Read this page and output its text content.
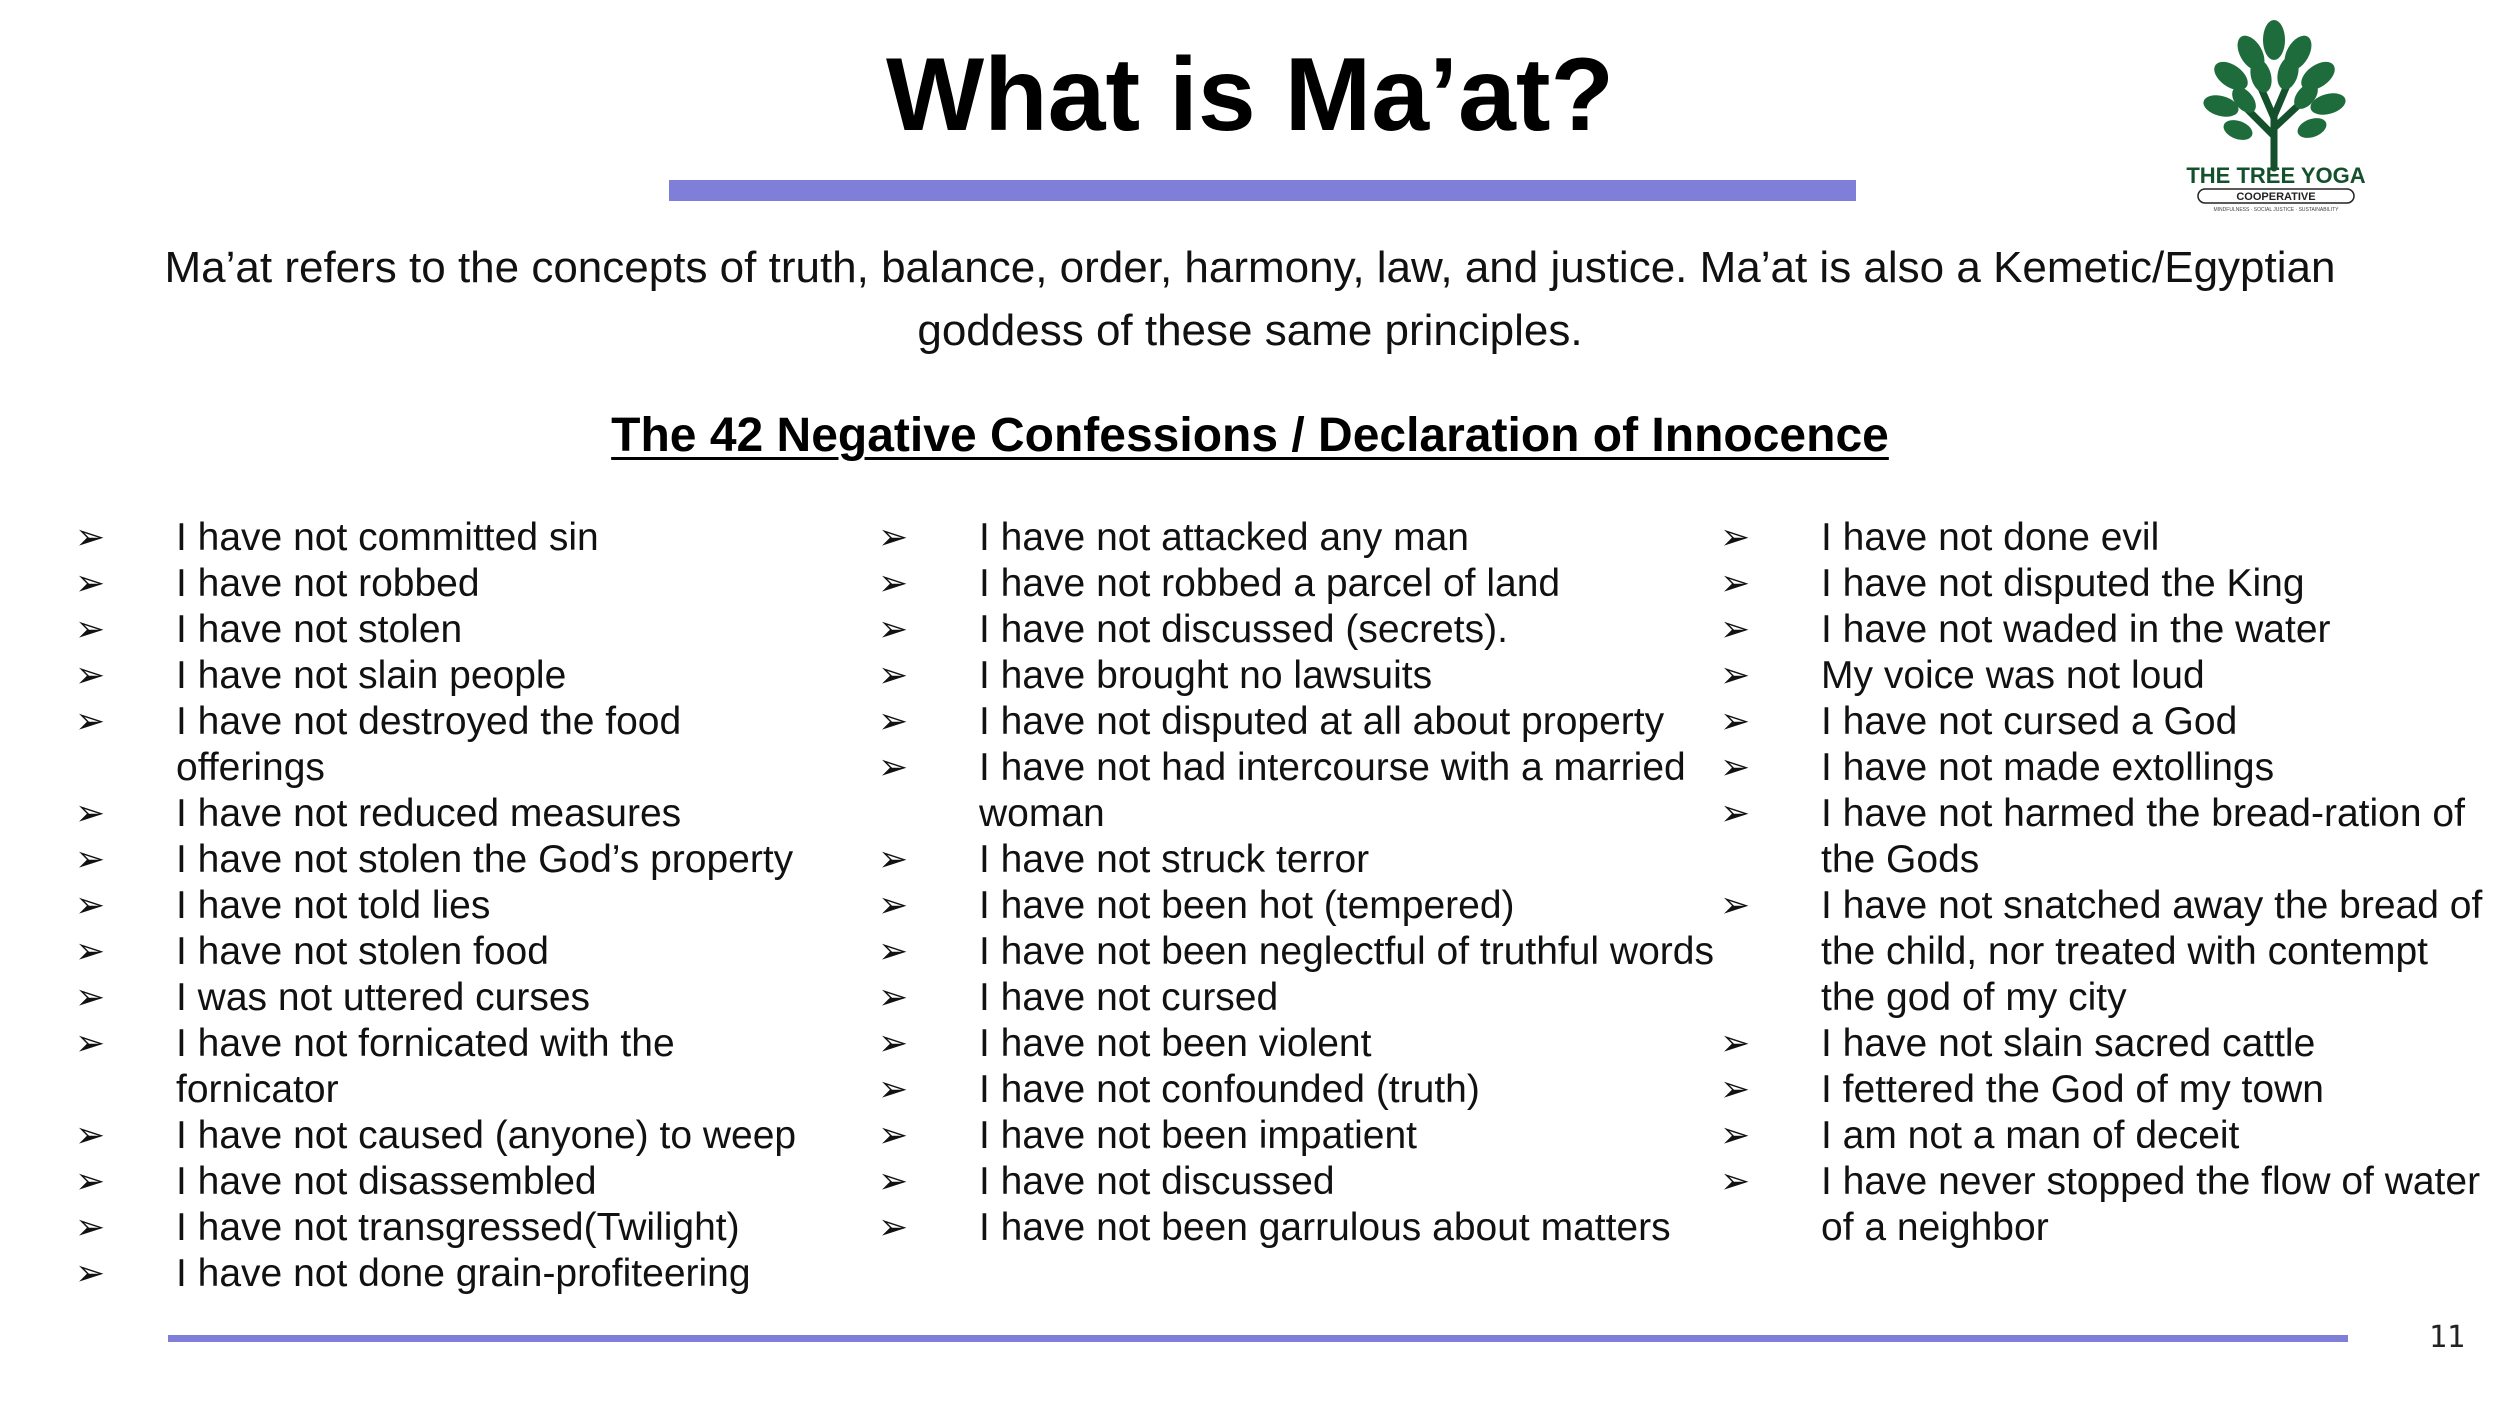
What is Ma’at?
THE TREE YOGA
COOPERATIVE
MINDFULNESS · SOCIAL JUSTICE · SUSTAINABILITY
Ma’at refers to the concepts of truth, balance, order, harmony, law, and justice. Ma’at is also a Kemetic/Egyptian goddess of these same principles.
The 42 Negative Confessions / Declaration of Innocence
➢	I have not committed sin
➢	I have not robbed
➢	I have not stolen
➢	I have not slain people
➢	I have not destroyed the food offerings
➢	I have not reduced measures
➢	I have not stolen the God’s property
➢	I have not told lies
➢	I have not stolen food
➢	I was not uttered curses
➢	I have not fornicated with the fornicator
➢	I have not caused (anyone) to weep
➢	I have not disassembled
➢	I have not transgressed(Twilight)
➢	I have not done grain-profiteering
➢	I have not attacked any man
➢	I have not robbed a parcel of land
➢	I have not discussed (secrets).
➢	I have brought no lawsuits
➢	I have not disputed at all about property
➢	I have not had intercourse with a married woman
➢	I have not struck terror
➢	I have not been hot (tempered)
➢	I have not been neglectful of truthful words
➢	I have not cursed
➢	I have not been violent
➢	I have not confounded (truth)
➢	I have not been impatient
➢	I have not discussed
➢	I have not been garrulous about matters
➢	I have not done evil
➢	I have not disputed the King
➢	I have not waded in the water
➢	My voice was not loud
➢	I have not cursed a God
➢	I have not made extollings
➢	I have not harmed the bread-ration of the Gods
➢	I have not snatched away the bread of the child, nor treated with contempt the god of my city
➢	I have not slain sacred cattle
➢	I fettered the God of my town
➢	I am not a man of deceit
➢	I have never stopped the flow of water of a neighbor
11
